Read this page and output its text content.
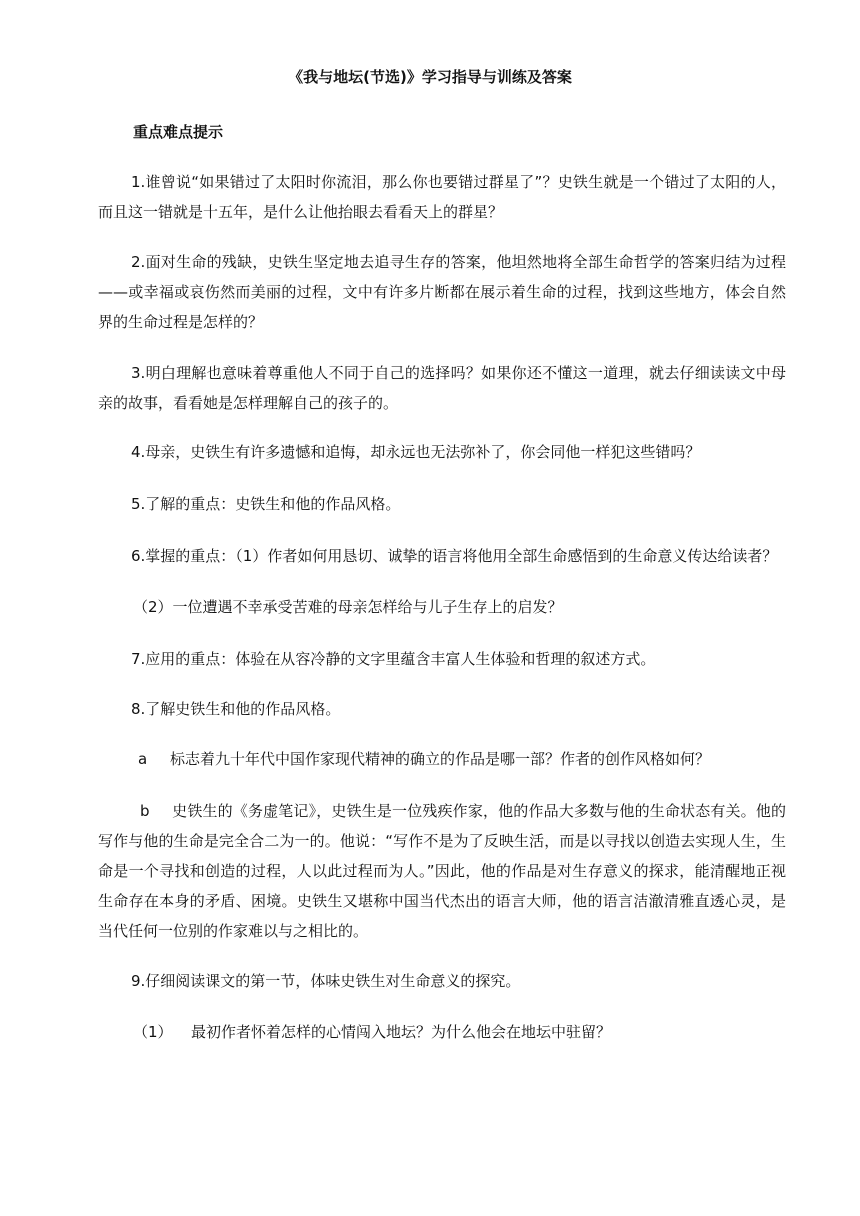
《我与地坛(节选)》学习指导与训练及答案
重点难点提示
1.谁曾说“如果错过了太阳时你流泪，那么你也要错过群星了”？史铁生就是一个错过了太阳的人，而且这一错就是十五年，是什么让他抬眼去看看天上的群星？
2.面对生命的残缺，史铁生坚定地去追寻生存的答案，他坦然地将全部生命哲学的答案归结为过程——或幸福或哀伤然而美丽的过程，文中有许多片断都在展示着生命的过程，找到这些地方，体会自然界的生命过程是怎样的？
3.明白理解也意味着尊重他人不同于自己的选择吗？如果你还不懂这一道理，就去仔细读读文中母亲的故事，看看她是怎样理解自己的孩子的。
4.母亲，史铁生有许多遗憾和追悔，却永远也无法弥补了，你会同他一样犯这些错吗？
5.了解的重点：史铁生和他的作品风格。
6.掌握的重点：（1）作者如何用恳切、诚挚的语言将他用全部生命感悟到的生命意义传达给读者？
（2）一位遭遇不幸承受苦难的母亲怎样给与儿子生存上的启发？
7.应用的重点：体验在从容冷静的文字里蕴含丰富人生体验和哲理的叙述方式。
8.了解史铁生和他的作品风格。
a 标志着九十年代中国作家现代精神的确立的作品是哪一部？作者的创作风格如何？
b 史铁生的《务虚笔记》，史铁生是一位残疾作家，他的作品大多数与他的生命状态有关。他的写作与他的生命是完全合二为一的。他说：“写作不是为了反映生活，而是以寻找以创造去实现人生，生命是一个寻找和创造的过程，人以此过程而为人。”因此，他的作品是对生存意义的探求，能清醒地正视生命存在本身的矛盾、困境。史铁生又堪称中国当代杰出的语言大师，他的语言洁澈清雅直透心灵，是当代任何一位别的作家难以与之相比的。
9.仔细阅读课文的第一节，体味史铁生对生命意义的探究。
（1） 最初作者怀着怎样的心情闯入地坛？为什么他会在地坛中驻留？
